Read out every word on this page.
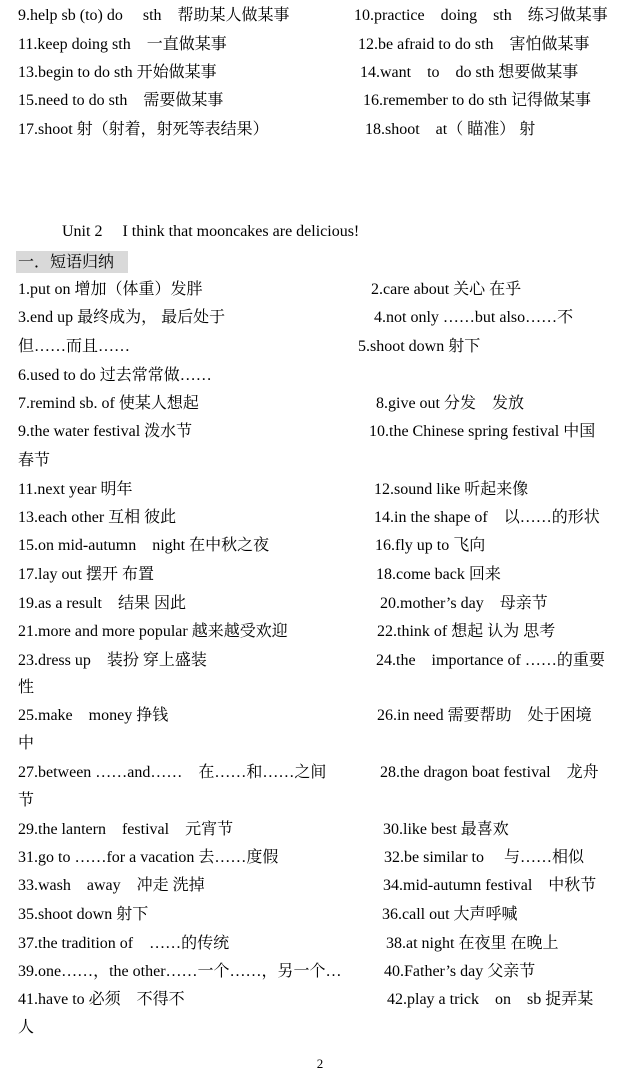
9.help sb (to) do　 sth　帮助某人做某事	10.practice　doing　sth　练习做某事
11.keep doing sth　一直做某事	12.be afraid to do sth　害怕做某事
13.begin to do sth 开始做某事	14.want　to　do sth 想要做某事
15.need to do sth　需要做某事	16.remember to do sth 记得做某事
17.shoot 射（射着，射死等表结果）	18.shoot　at（ 瞄准） 射
Unit 2　 I think that mooncakes are delicious!
一．短语归纳
1.put on 增加（体重）发胖	2.care about 关心 在乎
3.end up 最终成为， 最后处于	4.not only ……but also……不
但……而且……	5.shoot down 射下
6.used to do 过去常常做……
7.remind sb. of 使某人想起	8.give out 分发　发放
9.the water festival 泼水节	10.the Chinese spring festival 中国
春节
11.next year 明年	12.sound like 听起来像
13.each other 互相 彼此	14.in the shape of　以……的形状
15.on mid-autumn　night 在中秋之夜	16.fly up to 飞向
17.lay out 摆开 布置	18.come back 回来
19.as a result　结果 因此	20.mother’s day　母亲节
21.more and more popular 越来越受欢迎	22.think of 想起 认为 思考
23.dress up　装扮 穿上盛装	24.the　importance of ……的重要
性
25.make　money 挣钱	26.in need 需要帮助　处于困境
中
27.between ……and……　在……和……之间	28.the dragon boat festival　龙舟
节
29.the lantern　festival　元宵节	30.like best 最喜欢
31.go to ……for a vacation 去……度假	32.be similar to　 与……相似
33.wash　away　冲走 洗掉	34.mid-autumn festival　中秋节
35.shoot down 射下	36.call out 大声呼喊
37.the tradition of　……的传统	38.at night 在夜里 在晚上
39.one……，the other……一个……，另一个…	40.Father’s day 父亲节
41.have to 必须　不得不	42.play a trick　on　sb 捉弄某
人
2
